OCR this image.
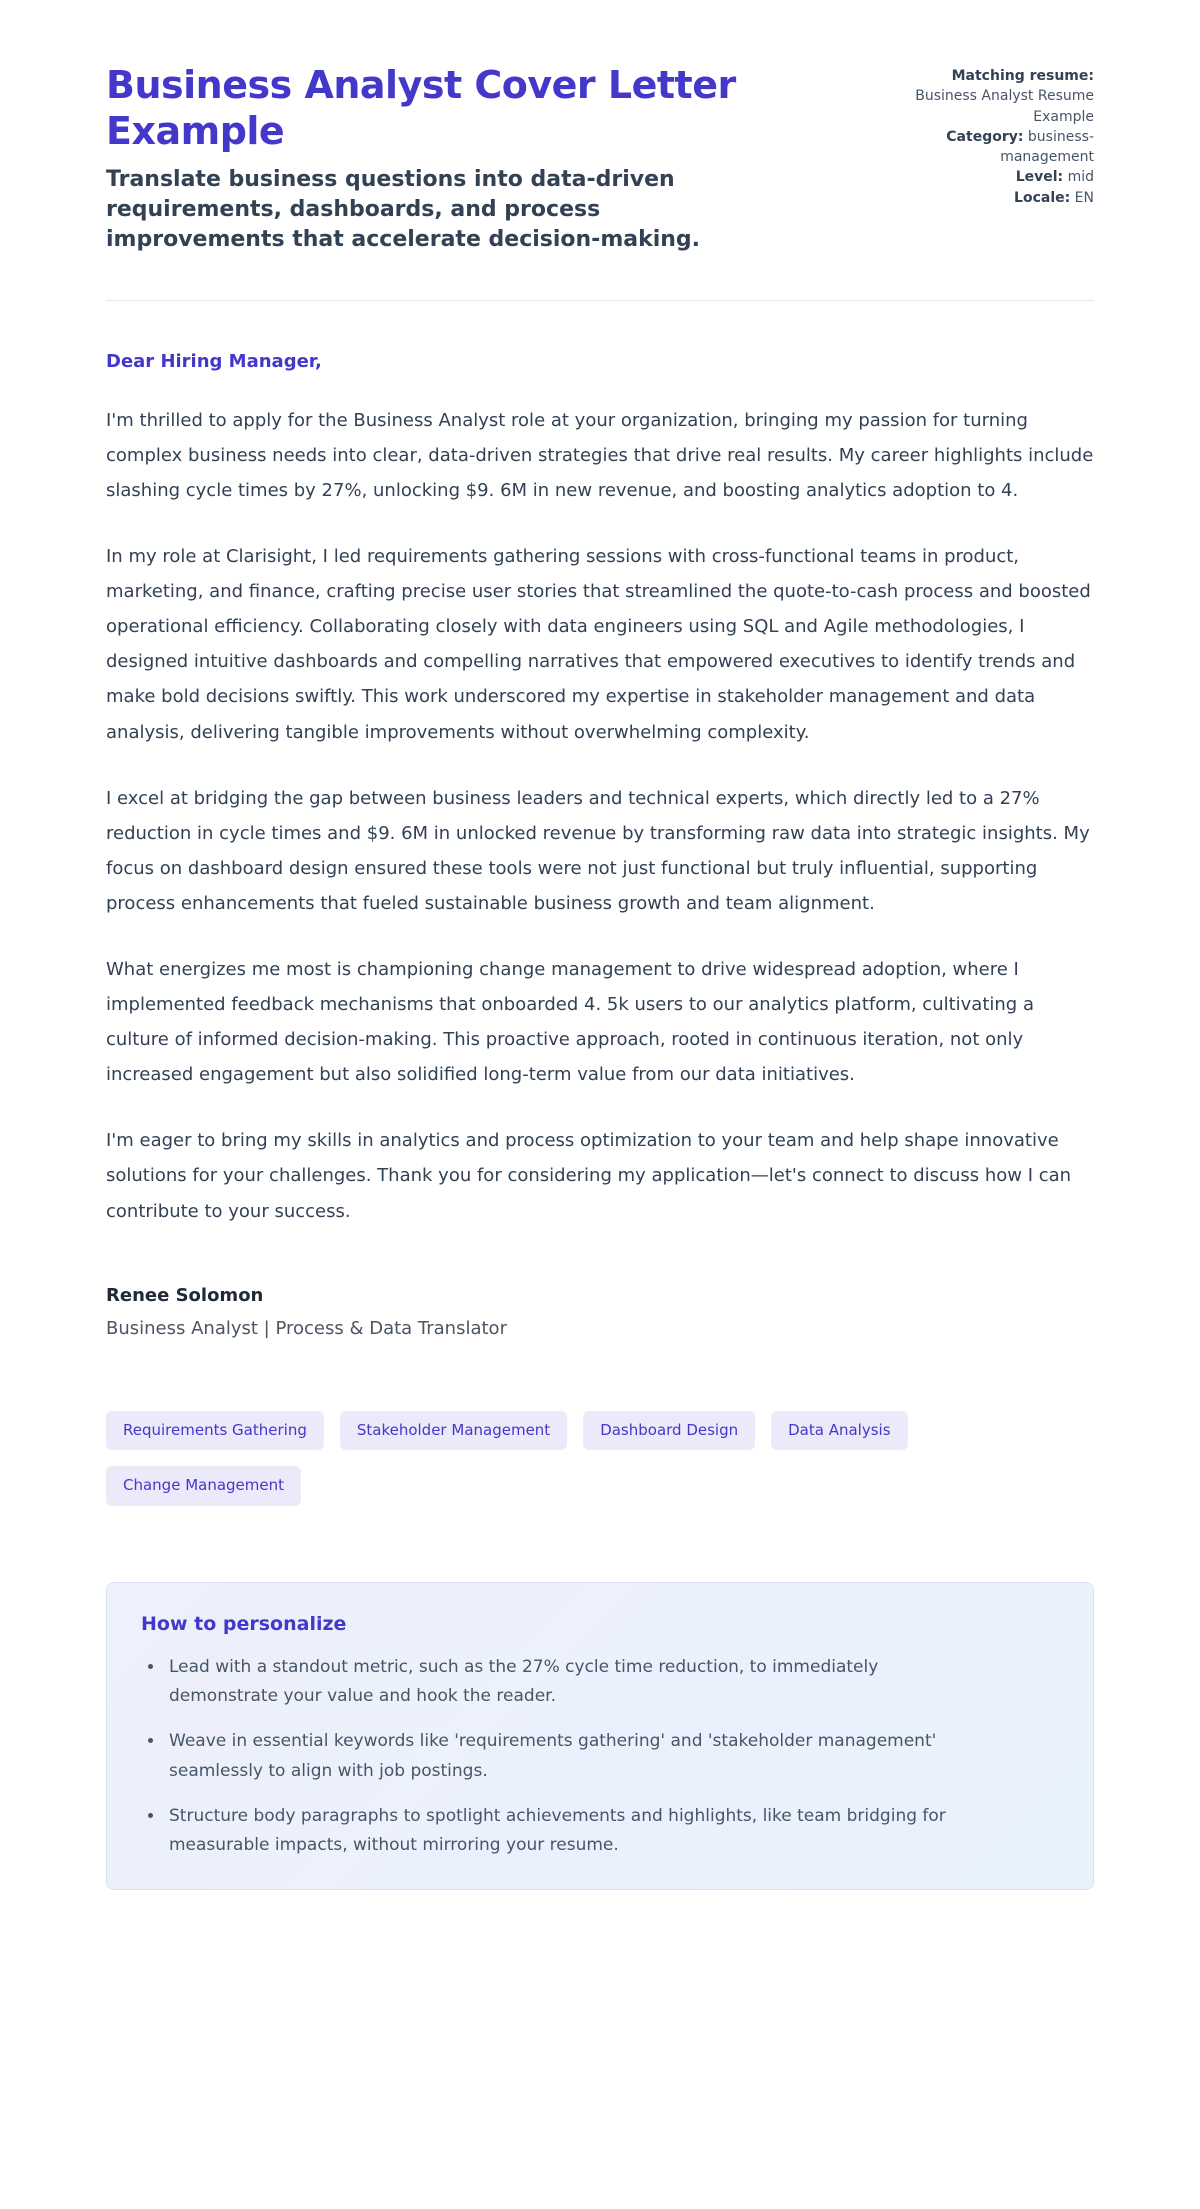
Business Analyst Cover Letter Example

Translate business questions into data-driven requirements, dashboards, and process improvements that accelerate decision-making.

Matching resume: Business Analyst Resume Example
Category: business-management
Level: mid
Locale: EN

Dear Hiring Manager,

I'm thrilled to apply for the Business Analyst role at your organization, bringing my passion for turning complex business needs into clear, data-driven strategies that drive real results. My career highlights include slashing cycle times by 27%, unlocking $9. 6M in new revenue, and boosting analytics adoption to 4.

In my role at Clarisight, I led requirements gathering sessions with cross-functional teams in product, marketing, and finance, crafting precise user stories that streamlined the quote-to-cash process and boosted operational efficiency. Collaborating closely with data engineers using SQL and Agile methodologies, I designed intuitive dashboards and compelling narratives that empowered executives to identify trends and make bold decisions swiftly. This work underscored my expertise in stakeholder management and data analysis, delivering tangible improvements without overwhelming complexity.

I excel at bridging the gap between business leaders and technical experts, which directly led to a 27% reduction in cycle times and $9. 6M in unlocked revenue by transforming raw data into strategic insights. My focus on dashboard design ensured these tools were not just functional but truly influential, supporting process enhancements that fueled sustainable business growth and team alignment.

What energizes me most is championing change management to drive widespread adoption, where I implemented feedback mechanisms that onboarded 4. 5k users to our analytics platform, cultivating a culture of informed decision-making. This proactive approach, rooted in continuous iteration, not only increased engagement but also solidified long-term value from our data initiatives.

I'm eager to bring my skills in analytics and process optimization to your team and help shape innovative solutions for your challenges. Thank you for considering my application—let's connect to discuss how I can contribute to your success.

Renee Solomon

Business Analyst | Process & Data Translator

Requirements Gathering	Stakeholder Management	Dashboard Design	Data Analysis
Change Management
How to personalize
• Lead with a standout metric, such as the 27% cycle time reduction, to immediately demonstrate your value and hook the reader.
• Weave in essential keywords like 'requirements gathering' and 'stakeholder management' seamlessly to align with job postings.
• Structure body paragraphs to spotlight achievements and highlights, like team bridging for measurable impacts, without mirroring your resume.
